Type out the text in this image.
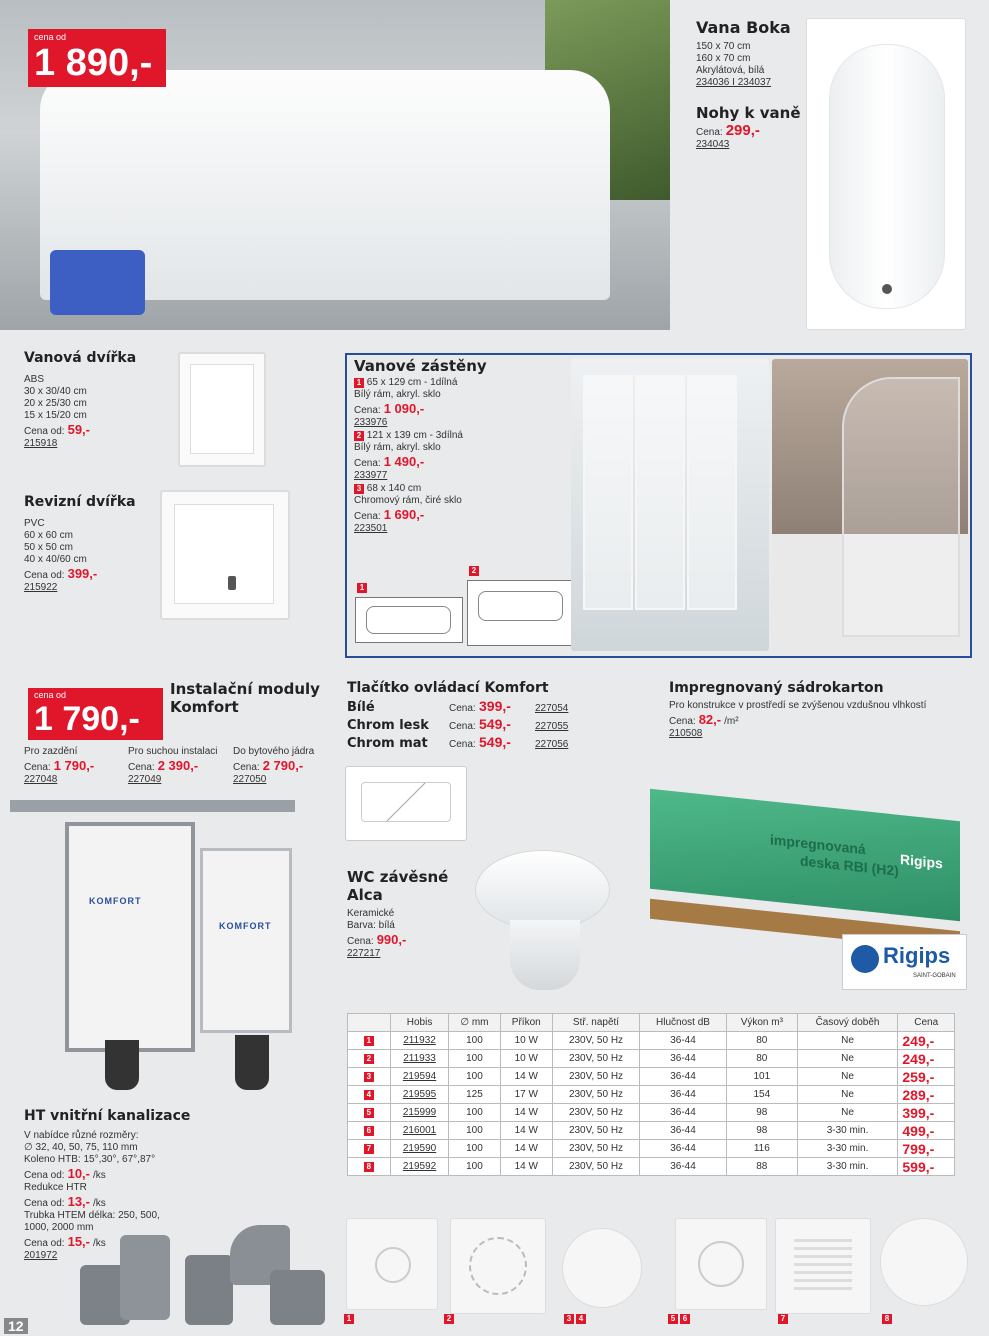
cena od
1 890,-
Vana Boka
150 x 70 cm
160 x 70 cm
Akrylátová, bílá
234036 I 234037
Nohy k vaně
Cena: 299,-
234043
Vanová dvířka
ABS
30 x 30/40 cm
20 x 25/30 cm
15 x 15/20 cm
Cena od: 59,-
215918
Revizní dvířka
PVC
60 x 60 cm
50 x 50 cm
40 x 40/60 cm
Cena od: 399,-
215922
Vanové zástěny
1 65 x 129 cm - 1dílná
Bílý rám, akryl. sklo
Cena: 1 090,-
233976
2 121 x 139 cm - 3dílná
Bílý rám, akryl. sklo
Cena: 1 490,-
233977
3 68 x 140 cm
Chromový rám, čiré sklo
Cena: 1 690,-
223501
1
2
cena od
1 790,-
Instalační moduly
Komfort
Pro zazdění
Cena: 1 790,-
227048
Pro suchou instalaci
Cena: 2 390,-
227049
Do bytového jádra
Cena: 2 790,-
227050
KOMFORT
KOMFORT
Tlačítko ovládací Komfort
Bílé	Cena: 399,-	227054
Chrom lesk	Cena: 549,-	227055
Chrom mat	Cena: 549,-	227056
WC závěsné
Alca
Keramické
Barva: bílá
Cena: 990,-
227217
Impregnovaný sádrokarton
Pro konstrukce v prostředí se zvýšenou vzdušnou vlhkostí
Cena: 82,- /m²
210508
impregnovaná
deska RBI (H2) Rigips
Rigips
SAINT-GOBAIN
HT vnitřní kanalizace
V nabídce různé rozměry:
∅ 32, 40, 50, 75, 110 mm
Koleno HTB: 15°,30°, 67°,87°
Cena od: 10,- /ks
Redukce HTR
Cena od: 13,- /ks
Trubka HTEM délka: 250, 500,
1000, 2000 mm
Cena od: 15,- /ks
201972
	Hobis	∅ mm	Příkon	Stř. napětí	Hlučnost dB	Výkon m³	Časový doběh	Cena
1	211932	100	10 W	230V, 50 Hz	36-44	80	Ne	249,-
2	211933	100	10 W	230V, 50 Hz	36-44	80	Ne	249,-
3	219594	100	14 W	230V, 50 Hz	36-44	101	Ne	259,-
4	219595	125	17 W	230V, 50 Hz	36-44	154	Ne	289,-
5	215999	100	14 W	230V, 50 Hz	36-44	98	Ne	399,-
6	216001	100	14 W	230V, 50 Hz	36-44	98	3-30 min.	499,-
7	219590	100	14 W	230V, 50 Hz	36-44	116	3-30 min.	799,-
8	219592	100	14 W	230V, 50 Hz	36-44	88	3-30 min.	599,-
1	2	3 4	5 6	7	8
12
